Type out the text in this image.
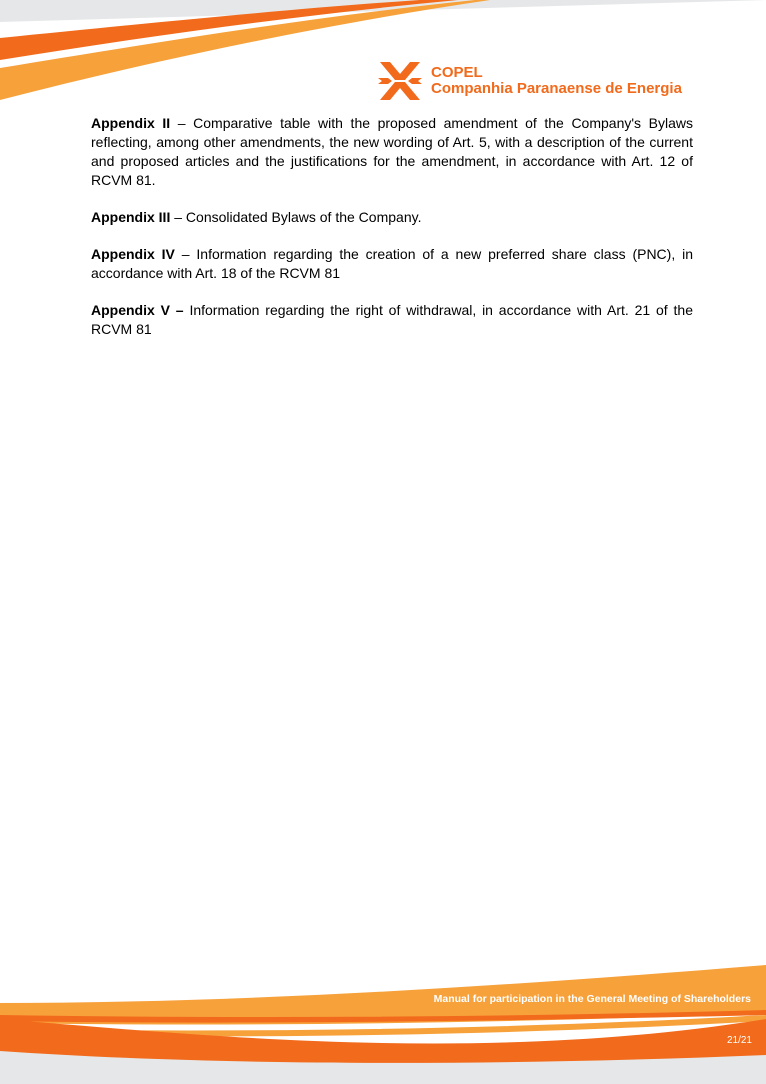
COPEL
Companhia Paranaense de Energia

Appendix II – Comparative table with the proposed amendment of the Company's Bylaws reflecting, among other amendments, the new wording of Art. 5, with a description of the current and proposed articles and the justifications for the amendment, in accordance with Art. 12 of RCVM 81.

Appendix III – Consolidated Bylaws of the Company.

Appendix IV – Information regarding the creation of a new preferred share class (PNC), in accordance with Art. 18 of the RCVM 81

Appendix V – Information regarding the right of withdrawal, in accordance with Art. 21 of the RCVM 81

Manual for participation in the General Meeting of Shareholders
21/21
